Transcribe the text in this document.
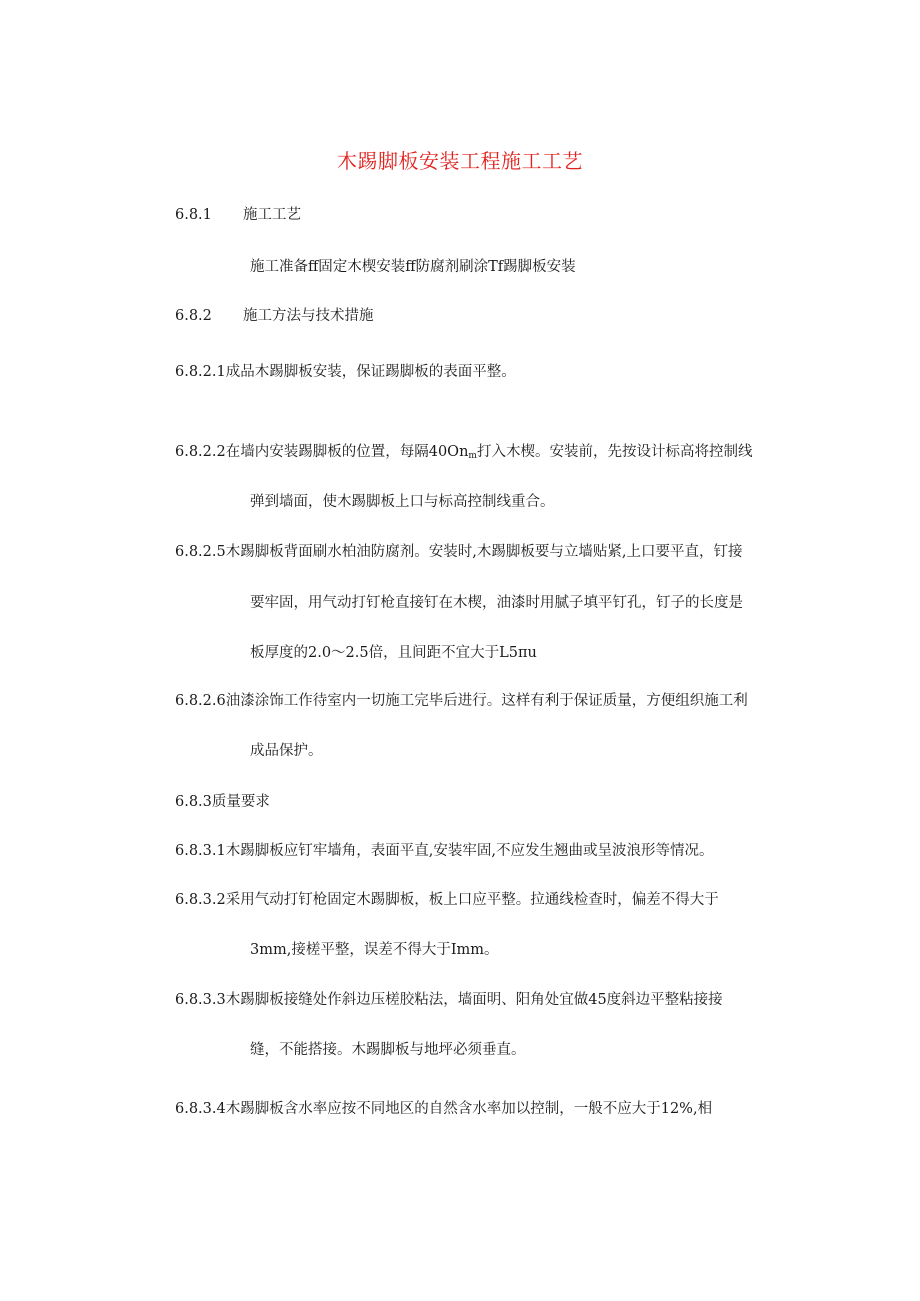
木踢脚板安装工程施工工艺
6.8.1 施工工艺
施工准备ff固定木楔安装ff防腐剂刷涂Tf踢脚板安装
6.8.2 施工方法与技术措施
6.8.2.1成品木踢脚板安装，保证踢脚板的表面平整。
6.8.2.2在墙内安装踢脚板的位置，每隔$40On_m$打入木楔。安装前，先按设计标高将控制线
弹到墙面，使木踢脚板上口与标高控制线重合。
6.8.2.5木踢脚板背面刷水柏油防腐剂。安装时,木踢脚板要与立墙贴紧,上口要平直，钉接
要牢固，用气动打钉枪直接钉在木楔，油漆时用腻子填平钉孔，钉子的长度是
板厚度的2.0〜2.5倍，且间距不宜大于L5πu
6.8.2.6油漆涂饰工作待室内一切施工完毕后进行。这样有利于保证质量，方便组织施工利
成品保护。
6.8.3质量要求
6.8.3.1木踢脚板应钉牢墙角，表面平直,安装牢固,不应发生翘曲或呈波浪形等情况。
6.8.3.2采用气动打钉枪固定木踢脚板，板上口应平整。拉通线检查时，偏差不得大于
3mm,接槎平整，误差不得大于Imm。
6.8.3.3木踢脚板接缝处作斜边压槎胶粘法，墙面明、阳角处宜做45度斜边平整粘接接
缝，不能搭接。木踢脚板与地坪必须垂直。
6.8.3.4木踢脚板含水率应按不同地区的自然含水率加以控制，一般不应大于12%,相
